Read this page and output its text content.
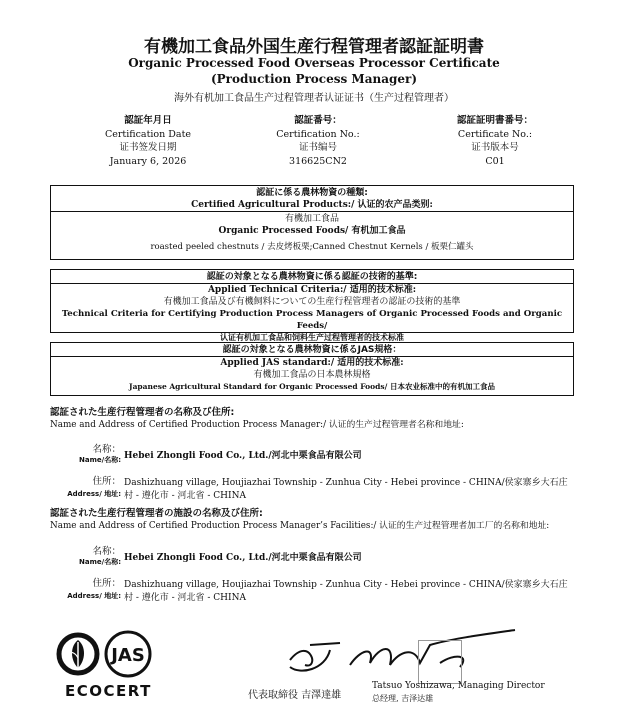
有機加工食品外国生産行程管理者認証証明書
Organic Processed Food Overseas Processor Certificate
(Production Process Manager)
海外有机加工食品生产过程管理者认证证书（生产过程管理者）
認証年月日
Certification Date
证书签发日期
January 6, 2026
認証番号：
Certification No.:
证书编号
316625CN2
認証証明書番号：
Certificate No.:
证书版本号
C01
認証に係る農林物資の種類:
Certified Agricultural Products:/ 认证的农产品类别:
有機加工食品
Organic Processed Foods/ 有机加工食品
roasted peeled chestnuts / 去皮烤板栗;Canned Chestnut Kernels / 板栗仁罐头
認証の対象となる農林物資に係る認証の技術的基準:
Applied Technical Criteria:/ 适用的技术标准:
有機加工食品及び有機飼料についての生産行程管理者の認証の技術的基準
Technical Criteria for Certifying Production Process Managers of Organic Processed Foods and Organic Feeds/
认证有机加工食品和饲料生产过程管理者的技术标准
認証の対象となる農林物資に係るJAS規格：
Applied JAS standard:/ 适用的技术标准:
有機加工食品の日本農林規格
Japanese Agricultural Standard for Organic Processed Foods/ 日本农业标准中的有机加工食品
認証された生産行程管理者の名称及び住所:
Name and Address of Certified Production Process Manager:/ 认证的生产过程管理者名称和地址:
名称：
Name/名称: Hebei Zhongli Food Co., Ltd./河北中栗食品有限公司
住所：
Address/ 地址:
Dashizhuang village, Houjiazhai Township - Zunhua City - Hebei province - CHINA/侯家寨乡大石庄
村 - 遵化市 - 河北省 - CHINA
認証された生産行程管理者の施設の名称及び住所:
Name and Address of Certified Production Process Manager’s Facilities:/ 认证的生产过程管理者加工厂的名称和地址:
名称：
Name/名称: Hebei Zhongli Food Co., Ltd./河北中栗食品有限公司
住所：
Address/ 地址:
Dashizhuang village, Houjiazhai Township - Zunhua City - Hebei province - CHINA/侯家寨乡大石庄
村 - 遵化市 - 河北省 - CHINA
JAS
ECOCERT	代表取締役 吉澤達雄
Tatsuo Yoshizawa, Managing Director
总经理, 吉泽达雄
